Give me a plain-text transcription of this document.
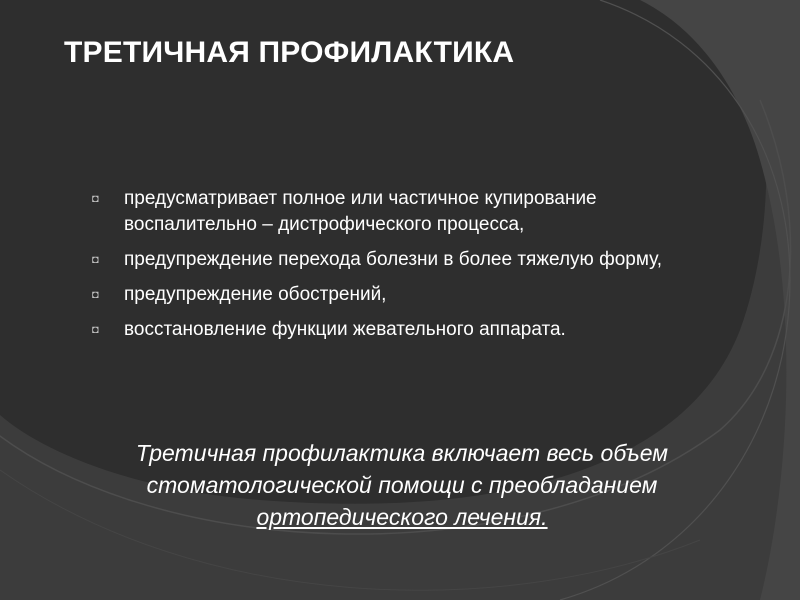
ТРЕТИЧНАЯ ПРОФИЛАКТИКА
◘ предусматривает полное или частичное купирование воспалительно – дистрофического процесса,
◘ предупреждение перехода болезни в более тяжелую форму,
◘ предупреждение обострений,
◘ восстановление функции жевательного аппарата.

Третичная профилактика включает весь объем стоматологической помощи с преобладанием ортопедического лечения.
